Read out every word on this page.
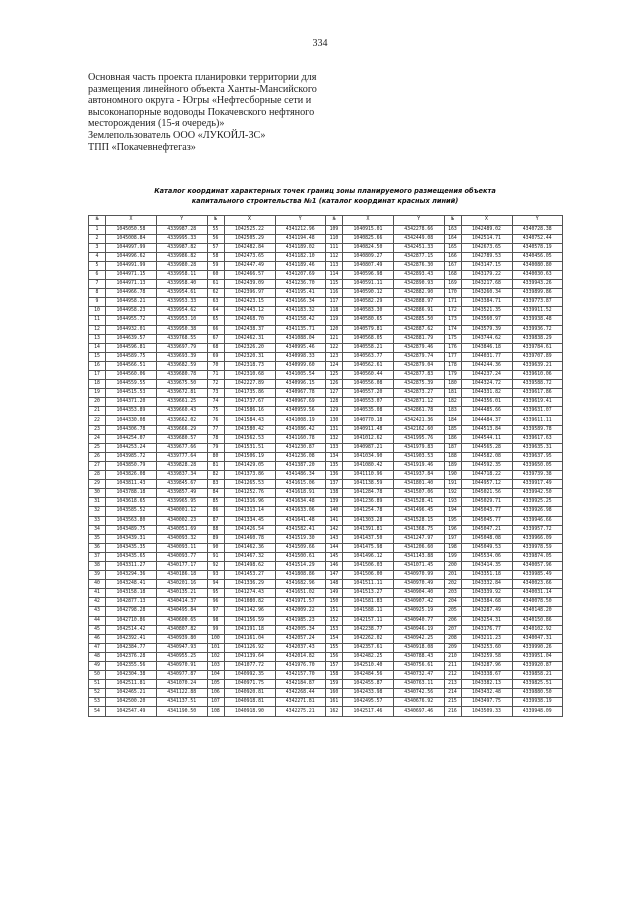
334
Основная часть проекта планировки территории для
размещения линейного объекта Ханты-Мансийского
автономного округа - Югры «Нефтесборные сети и
высоконапорные водоводы Покачевского нефтяного
месторождения (15-я очередь)»
Землепользователь ООО «ЛУКОЙЛ-ЗС»
ТПП «Покачевнефтегаз»
Каталог координат характерных точек границ зоны планируемого размещения объекта
капитального строительства №1 (каталог координат красных линий)
№	X	Y	№	X	Y	№	X	Y	№	X	Y
1	1045050.58	4339987.28	55	1042525.22	4341212.96	109	1040915.01	4342278.66	163	1042489.02	4340728.38
2	1045008.84	4339995.33	56	1042505.29	4341194.48	110	1040825.66	4342449.08	164	1042514.71	4340752.44
3	1044997.99	4339987.82	57	1042482.84	4341189.02	111	1040824.50	4342451.33	165	1042673.65	4340578.19
4	1044996.62	4339986.82	58	1042473.65	4341182.10	112	1040809.27	4342877.15	166	1042789.53	4340456.05
5	1044991.99	4339980.28	59	1042447.49	4341189.46	113	1040807.49	4342876.30	167	1043147.15	4340080.80
6	1044971.15	4339958.11	60	1042466.57	4341207.69	114	1040596.98	4342893.43	168	1043179.22	4340030.63
7	1044971.13	4339958.40	61	1042439.09	4341236.70	115	1040591.11	4342890.93	169	1043217.68	4339943.26
8	1044966.78	4339954.61	62	1042396.97	4341195.41	116	1040590.12	4342882.90	170	1043260.34	4339899.86
9	1044958.21	4339953.33	63	1042423.15	4341166.34	117	1040582.29	4342888.97	171	1043384.71	4339773.87
10	1044958.23	4339954.62	64	1042443.12	4341183.32	118	1040583.30	4342886.91	172	1043521.35	4339911.52
11	1044955.72	4339953.10	65	1042468.70	4341158.42	119	1040580.65	4342885.50	173	1043560.97	4339938.48
12	1044932.01	4339950.38	66	1042438.37	4341135.71	120	1040579.81	4342887.62	174	1043579.39	4339936.72
13	1044639.57	4339768.55	67	1042462.31	4341088.04	121	1040568.05	4342881.79	175	1043744.62	4339838.29
14	1044596.81	4339697.79	68	1042326.20	4340995.46	122	1040558.21	4342879.46	176	1043846.18	4339784.61
15	1044589.75	4339693.39	69	1042320.31	4340998.33	123	1040563.77	4342879.74	177	1044031.77	4339707.89
16	1044566.51	4339682.59	70	1042318.73	4340999.60	124	1040562.61	4342879.04	178	1044244.36	4339639.21
17	1044560.06	4339680.78	71	1042310.68	4341005.54	125	1040560.44	4342877.83	179	1044237.24	4339610.06
18	1044559.55	4339675.50	72	1042227.89	4340996.15	126	1040556.08	4342875.39	180	1044324.72	4339588.72
19	1044515.53	4339672.81	73	1041735.86	4340967.78	127	1040557.20	4342873.27	181	1044331.82	4339617.86
20	1044371.20	4339661.25	74	1041737.67	4340967.69	128	1040553.07	4342871.12	182	1044356.01	4339619.41
21	1044353.89	4339660.43	75	1041586.16	4340959.56	129	1040535.08	4342861.78	183	1044485.66	4339631.07
22	1044330.08	4339662.02	76	1041584.43	4341008.19	130	1040770.18	4342421.36	184	1044484.37	4339611.11
23	1044306.78	4339666.29	77	1041580.42	4341086.42	131	1040911.48	4342162.60	185	1044513.84	4339589.78
24	1044254.07	4339680.57	78	1041562.53	4341160.78	132	1041012.62	4341995.76	186	1044544.11	4339617.63
25	1044253.24	4339677.66	79	1041531.51	4341230.87	133	1040987.21	4341979.83	187	1044565.28	4339635.31
26	1043985.72	4339777.64	80	1041506.19	4341236.08	134	1041034.90	4341903.53	188	1044582.08	4339637.95
27	1043850.79	4339828.28	81	1041429.05	4341387.20	135	1041080.42	4341919.46	189	1044592.35	4339650.05
28	1043826.08	4339837.34	82	1041373.86	4341486.34	136	1041110.96	4341937.84	190	1044718.22	4339739.38
29	1043811.43	4339845.67	83	1041265.53	4341615.06	137	1041138.59	4341801.40	191	1044957.12	4339917.49
30	1043788.18	4339857.49	84	1041252.76	4341618.91	138	1041284.78	4341507.06	192	1045021.56	4339942.50
31	1043618.65	4339965.95	85	1041316.96	4341634.48	139	1041236.89	4341528.41	193	1045029.71	4339925.25
32	1043585.52	4340001.12	86	1041313.14	4341633.06	140	1041254.78	4341496.45	194	1045043.77	4339926.98
33	1043563.80	4340002.23	87	1041334.45	4341641.48	141	1041303.28	4341528.15	195	1045045.77	4339946.66
34	1043489.75	4340051.69	88	1041426.54	4341582.41	142	1041391.81	4341368.75	196	1045047.21	4339957.72
35	1043439.31	4340093.32	89	1041460.78	4341519.30	143	1041437.50	4341247.97	197	1045048.08	4339966.09
36	1043435.35	4340093.11	90	1041462.36	4341509.66	144	1041475.98	4341206.60	198	1045049.53	4339978.59
37	1043435.65	4340093.77	91	1041467.32	4341500.61	145	1041496.12	4341143.88	199	1045534.06	4339874.05
38	1043311.27	4340177.17	92	1041498.62	4341514.29	146	1041506.03	4341071.45	200	1043414.35	4340057.96
39	1043294.36	4340186.18	93	1041453.27	4341808.86	147	1041506.00	4340970.99	201	1043351.18	4339985.49
40	1043248.41	4340201.16	94	1041336.29	4341682.96	148	1041511.11	4340970.49	202	1043332.84	4340023.66
41	1043158.18	4340135.21	95	1041274.43	4341651.02	149	1041513.27	4340904.40	203	1043339.92	4340031.14
42	1042877.13	4340414.37	96	1041080.82	4341971.57	150	1041581.83	4340907.42	204	1043384.68	4340078.50
43	1042798.28	4340495.84	97	1041142.96	4342009.22	151	1041588.11	4340925.19	205	1043287.49	4340148.20
44	1042710.86	4340600.65	98	1041156.59	4341985.23	152	1042157.11	4340940.77	206	1043254.31	4340150.86
45	1042514.42	4340807.82	99	1041191.18	4342005.34	153	1042238.77	4340946.19	207	1043176.77	4340102.92
46	1042392.41	4340939.80	100	1041161.04	4342057.24	154	1042262.02	4340942.25	208	1043211.23	4340047.31
47	1042384.77	4340947.93	101	1041126.92	4342037.43	155	1042357.61	4340918.08	209	1043253.60	4339990.26
48	1042376.28	4340955.25	102	1041139.64	4342014.82	156	1042482.25	4340788.43	210	1043259.58	4339951.04
49	1042355.56	4340970.91	103	1041077.72	4341976.70	157	1042510.40	4340756.61	211	1043287.96	4339920.87
50	1042304.38	4340977.87	104	1040992.35	4342157.70	158	1042484.56	4340732.47	212	1043338.67	4339858.21
51	1042511.81	4341070.24	105	1040971.75	4342184.87	159	1042455.87	4340763.11	213	1043382.13	4339825.51
52	1042465.21	4341122.88	106	1040920.81	4342268.44	160	1042433.98	4340742.56	214	1043432.48	4339880.50
53	1042500.20	4341137.51	107	1040918.81	4342271.81	161	1042495.57	4340676.92	215	1043497.75	4339938.19
54	1042547.49	4341190.50	108	1040918.90	4342275.21	162	1042517.46	4340697.46	216	1043509.33	4339948.09
